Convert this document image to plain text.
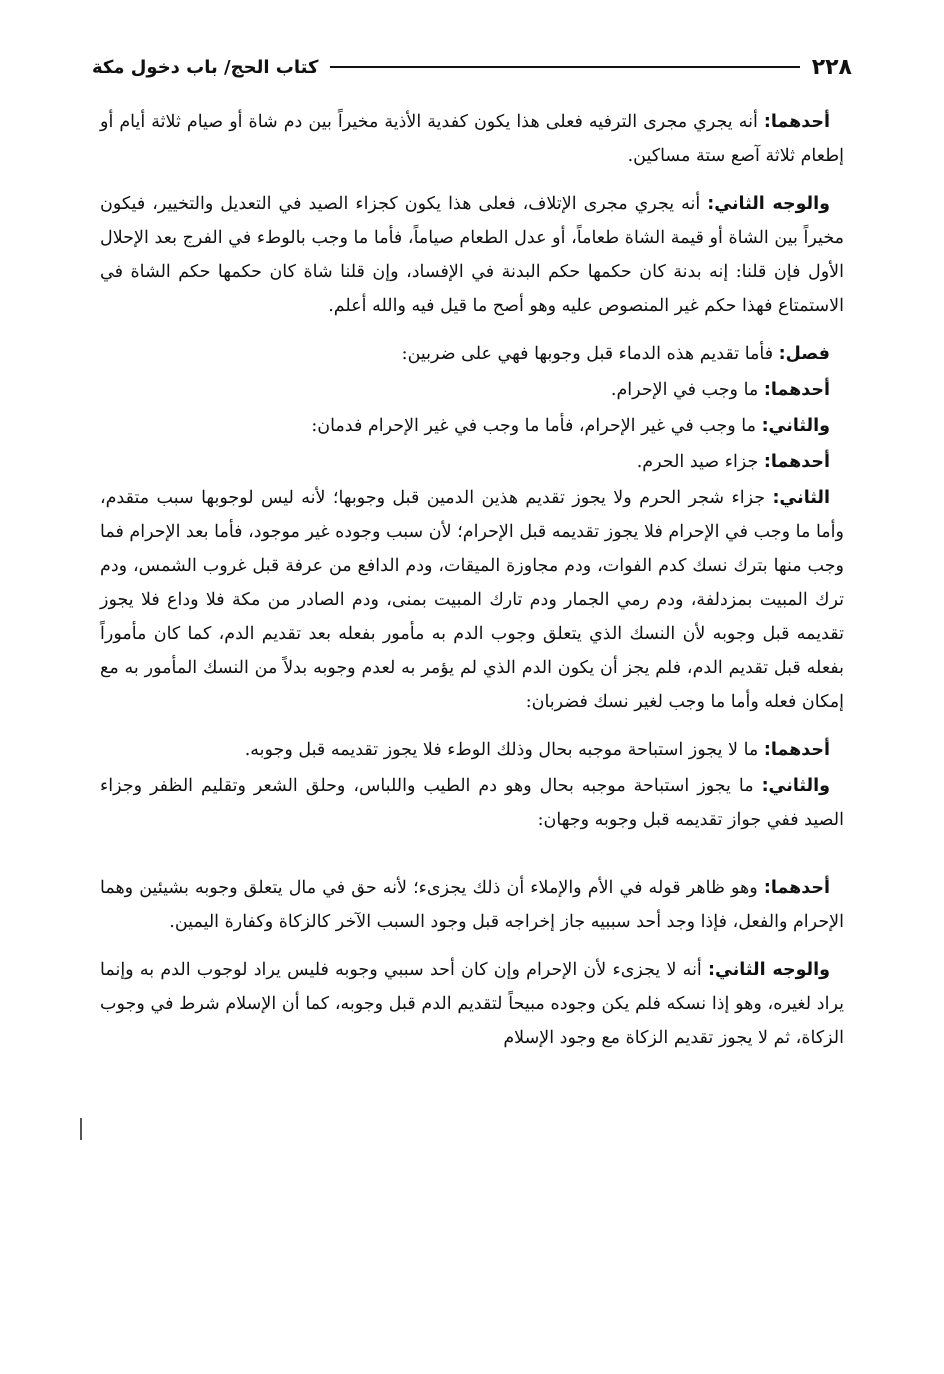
٢٢٨
كتاب الحج/ باب دخول مكة

أحدهما: أنه يجري مجرى الترفيه فعلى هذا يكون كفدية الأذية مخيراً بين دم شاة أو صيام ثلاثة أيام أو إطعام ثلاثة آصع ستة مساكين.

والوجه الثاني: أنه يجري مجرى الإتلاف، فعلى هذا يكون كجزاء الصيد في التعديل والتخيير، فيكون مخيراً بين الشاة أو قيمة الشاة طعاماً، أو عدل الطعام صياماً، فأما ما وجب بالوطء في الفرج بعد الإحلال الأول فإن قلنا: إنه بدنة كان حكمها حكم البدنة في الإفساد، وإن قلنا شاة كان حكمها حكم الشاة في الاستمتاع فهذا حكم غير المنصوص عليه وهو أصح ما قيل فيه والله أعلم.

فصل: فأما تقديم هذه الدماء قبل وجوبها فهي على ضربين:

أحدهما: ما وجب في الإحرام.

والثاني: ما وجب في غير الإحرام، فأما ما وجب في غير الإحرام فدمان:

أحدهما: جزاء صيد الحرم.

الثاني: جزاء شجر الحرم ولا يجوز تقديم هذين الدمين قبل وجوبها؛ لأنه ليس لوجوبها سبب متقدم، وأما ما وجب في الإحرام فلا يجوز تقديمه قبل الإحرام؛ لأن سبب وجوده غير موجود، فأما بعد الإحرام فما وجب منها بترك نسك كدم الفوات، ودم مجاوزة الميقات، ودم الدافع من عرفة قبل غروب الشمس، ودم ترك المبيت بمزدلفة، ودم رمي الجمار ودم تارك المبيت بمنى، ودم الصادر من مكة فلا وداع فلا يجوز تقديمه قبل وجوبه لأن النسك الذي يتعلق وجوب الدم به مأمور بفعله بعد تقديم الدم، كما كان مأموراً بفعله قبل تقديم الدم، فلم يجز أن يكون الدم الذي لم يؤمر به لعدم وجوبه بدلاً من النسك المأمور به مع إمكان فعله وأما ما وجب لغير نسك فضربان:

أحدهما: ما لا يجوز استباحة موجبه بحال وذلك الوطء فلا يجوز تقديمه قبل وجوبه.

والثاني: ما يجوز استباحة موجبه بحال وهو دم الطيب واللباس، وحلق الشعر وتقليم الظفر وجزاء الصيد ففي جواز تقديمه قبل وجوبه وجهان:

أحدهما: وهو ظاهر قوله في الأم والإملاء أن ذلك يجزىء؛ لأنه حق في مال يتعلق وجوبه بشيئين وهما الإحرام والفعل، فإذا وجد أحد سببيه جاز إخراجه قبل وجود السبب الآخر كالزكاة وكفارة اليمين.

والوجه الثاني: أنه لا يجزىء لأن الإحرام وإن كان أحد سببي وجوبه فليس يراد لوجوب الدم به وإنما يراد لغيره، وهو إذا نسكه فلم يكن وجوده مبيحاً لتقديم الدم قبل وجوبه، كما أن الإسلام شرط في وجوب الزكاة، ثم لا يجوز تقديم الزكاة مع وجود الإسلام
